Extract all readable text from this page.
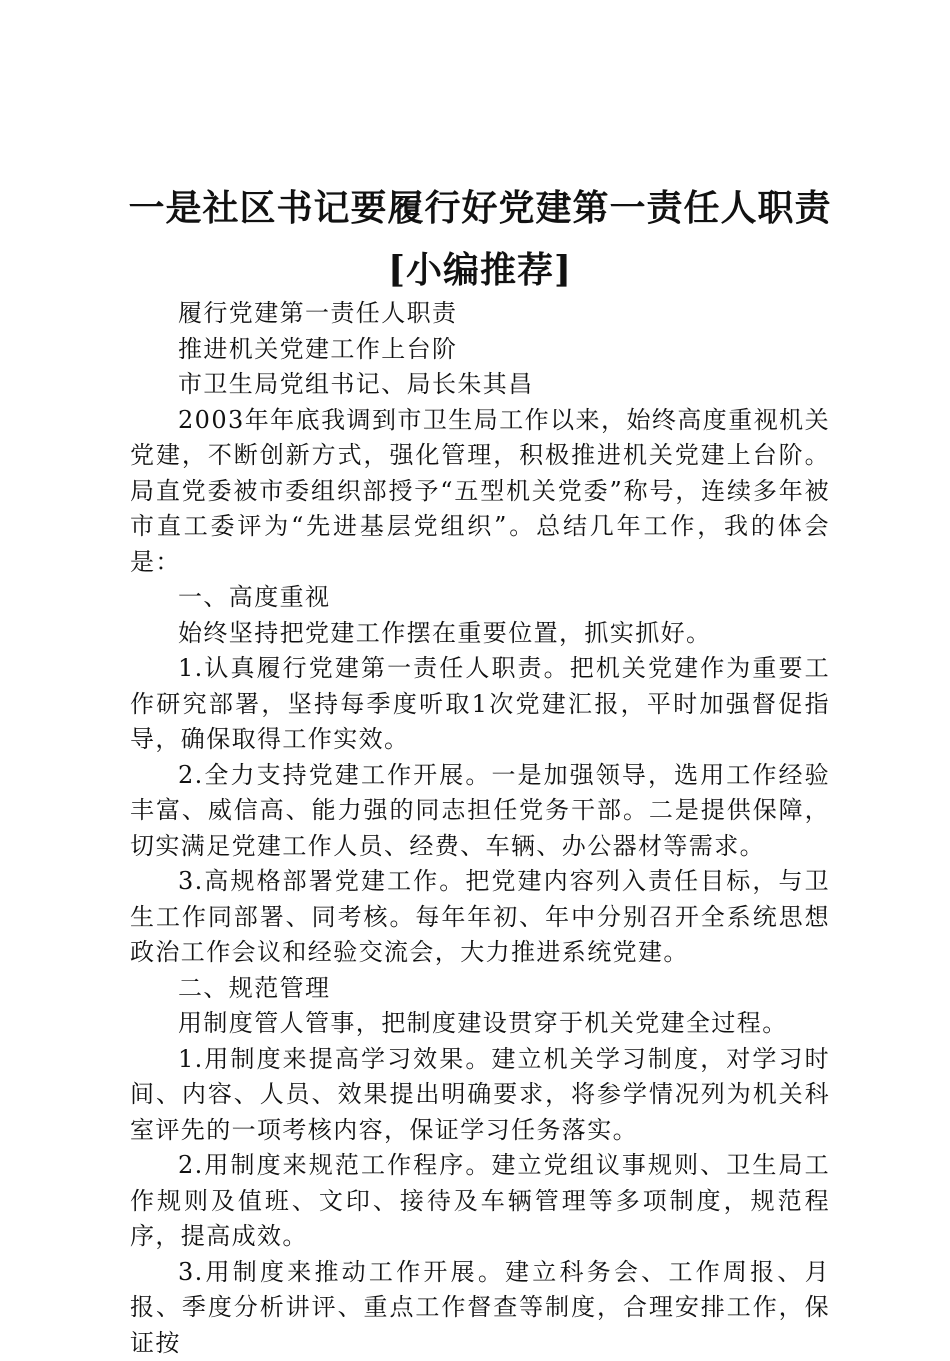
一是社区书记要履行好党建第一责任人职责
[小编推荐]

履行党建第一责任人职责

推进机关党建工作上台阶

市卫生局党组书记、局长朱其昌

2003年年底我调到市卫生局工作以来，始终高度重视机关党建，不断创新方式，强化管理，积极推进机关党建上台阶。局直党委被市委组织部授予“五型机关党委”称号，连续多年被市直工委评为“先进基层党组织”。总结几年工作，我的体会是：

一、高度重视

始终坚持把党建工作摆在重要位置，抓实抓好。

1.认真履行党建第一责任人职责。把机关党建作为重要工作研究部署，坚持每季度听取1次党建汇报，平时加强督促指导，确保取得工作实效。

2.全力支持党建工作开展。一是加强领导，选用工作经验丰富、威信高、能力强的同志担任党务干部。二是提供保障，切实满足党建工作人员、经费、车辆、办公器材等需求。

3.高规格部署党建工作。把党建内容列入责任目标，与卫生工作同部署、同考核。每年年初、年中分别召开全系统思想政治工作会议和经验交流会，大力推进系统党建。

二、规范管理

用制度管人管事，把制度建设贯穿于机关党建全过程。

1.用制度来提高学习效果。建立机关学习制度，对学习时间、内容、人员、效果提出明确要求，将参学情况列为机关科室评先的一项考核内容，保证学习任务落实。

2.用制度来规范工作程序。建立党组议事规则、卫生局工作规则及值班、文印、接待及车辆管理等多项制度，规范程序，提高成效。

3.用制度来推动工作开展。建立科务会、工作周报、月报、季度分析讲评、重点工作督查等制度，合理安排工作，保证按
